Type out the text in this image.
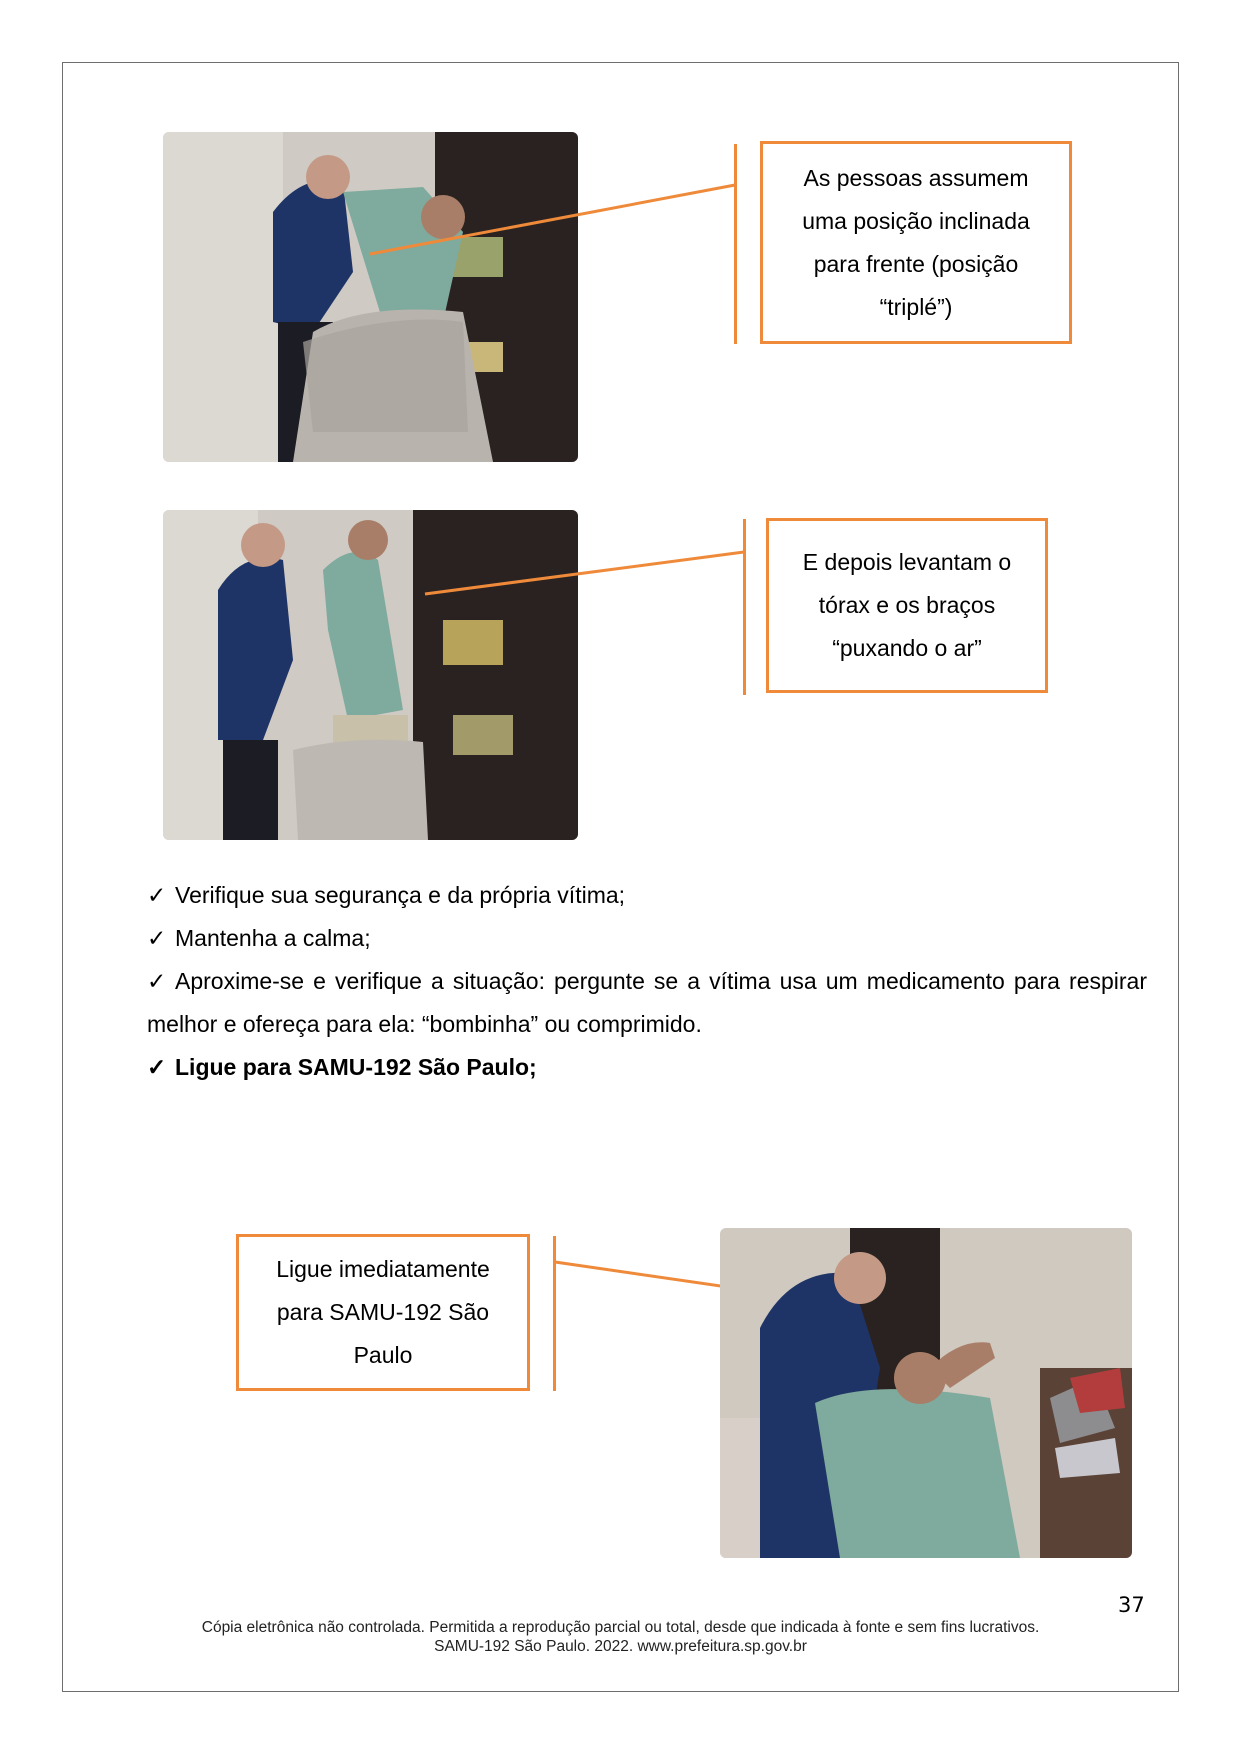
As pessoas assumem
uma posição inclinada
para frente (posição
“triplé”)
E depois levantam o
tórax e os braços
“puxando o ar”

✓ Verifique sua segurança e da própria vítima;

✓ Mantenha a calma;

✓ Aproxime-se e verifique a situação: pergunte se a vítima usa um medicamento para respirar melhor e ofereça para ela: “bombinha” ou comprimido.

✓ Ligue para SAMU-192 São Paulo;

Ligue imediatamente
para SAMU-192 São
Paulo
37
Cópia eletrônica não controlada. Permitida a reprodução parcial ou total, desde que indicada à fonte e sem fins lucrativos.
SAMU-192 São Paulo. 2022. www.prefeitura.sp.gov.br
